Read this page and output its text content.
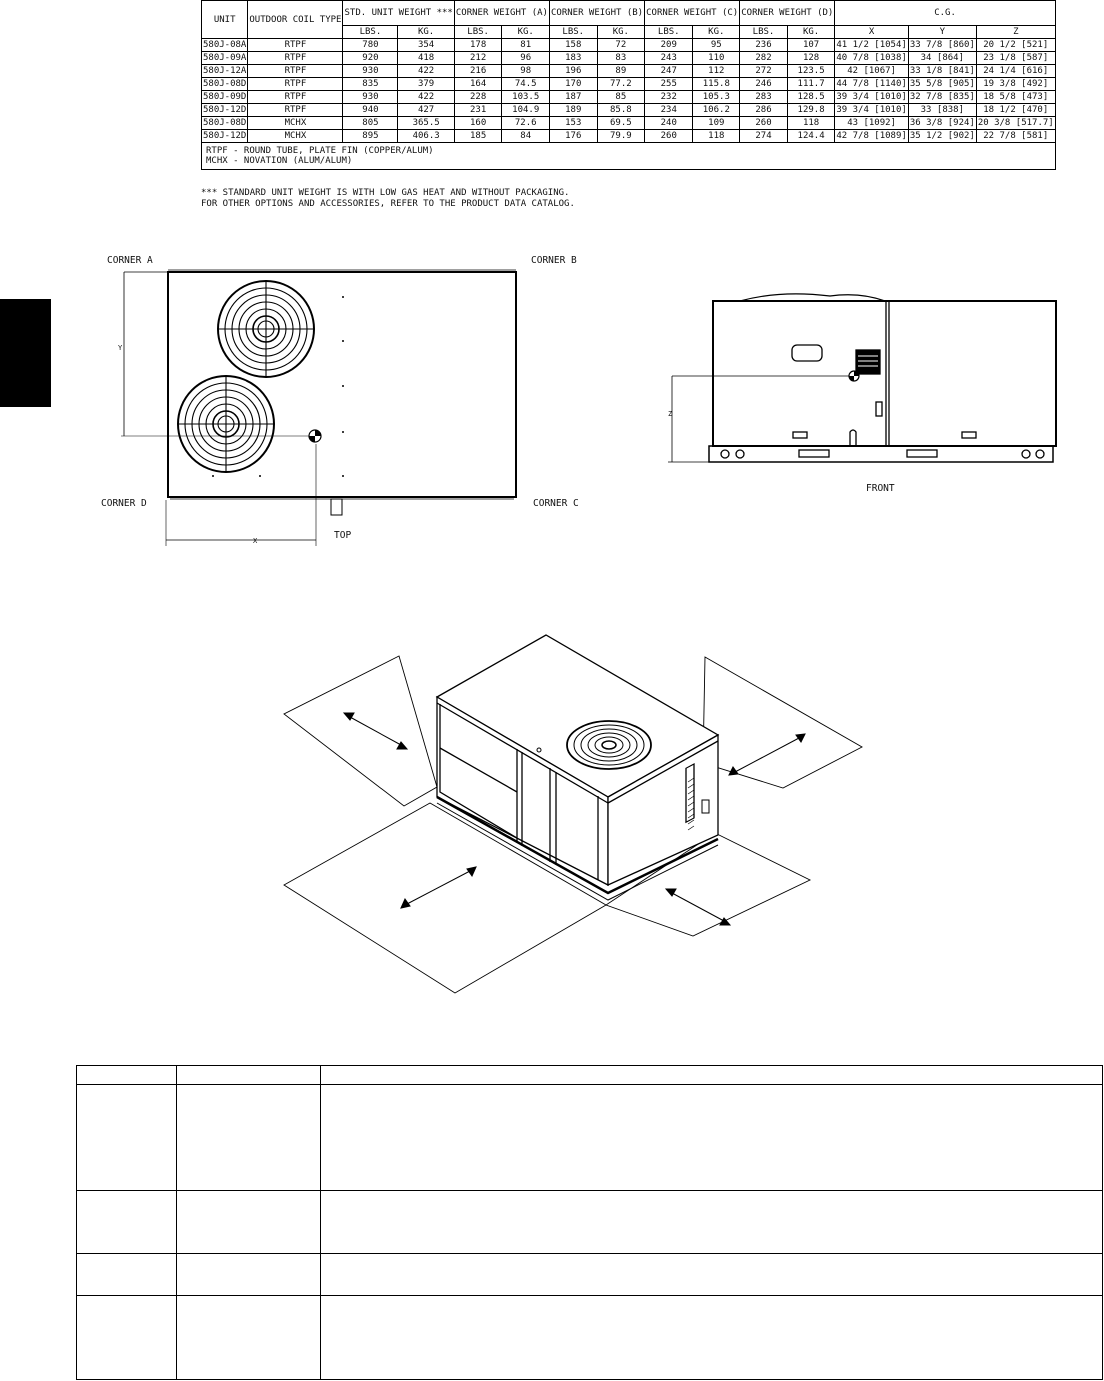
UNIT	OUTDOOR COIL TYPE	STD. UNIT WEIGHT ***		CORNER WEIGHT (A)		CORNER WEIGHT (B)		CORNER WEIGHT (C)		CORNER WEIGHT (D)		C.G.		
		LBS.	KG.	LBS.	KG.	LBS.	KG.	LBS.	KG.	LBS.	KG.	X	Y	Z
580J-08A	RTPF	780	354	178	81	158	72	209	95	236	107	41 1/2 [1054]	33 7/8 [860]	20 1/2 [521]
580J-09A	RTPF	920	418	212	96	183	83	243	110	282	128	40 7/8 [1038]	34 [864]	23 1/8 [587]
580J-12A	RTPF	930	422	216	98	196	89	247	112	272	123.5	42 [1067]	33 1/8 [841]	24 1/4 [616]
580J-08D	RTPF	835	379	164	74.5	170	77.2	255	115.8	246	111.7	44 7/8 [1140]	35 5/8 [905]	19 3/8 [492]
580J-09D	RTPF	930	422	228	103.5	187	85	232	105.3	283	128.5	39 3/4 [1010]	32 7/8 [835]	18 5/8 [473]
580J-12D	RTPF	940	427	231	104.9	189	85.8	234	106.2	286	129.8	39 3/4 [1010]	33 [838]	18 1/2 [470]
580J-08D	MCHX	805	365.5	160	72.6	153	69.5	240	109	260	118	43 [1092]	36 3/8 [924]	20 3/8 [517.7]
580J-12D	MCHX	895	406.3	185	84	176	79.9	260	118	274	124.4	42 7/8 [1089]	35 1/2 [902]	22 7/8 [581]

RTPF - ROUND TUBE, PLATE FIN (COPPER/ALUM)
MCHX - NOVATION (ALUM/ALUM)														
*** STANDARD UNIT WEIGHT IS WITH LOW GAS HEAT AND WITHOUT PACKAGING.
FOR OTHER OPTIONS AND ACCESSORIES, REFER TO THE PRODUCT DATA CATALOG.
CORNER A	CORNER B
CORNER D	CORNER C
TOP
X
Y
FRONT
Z
